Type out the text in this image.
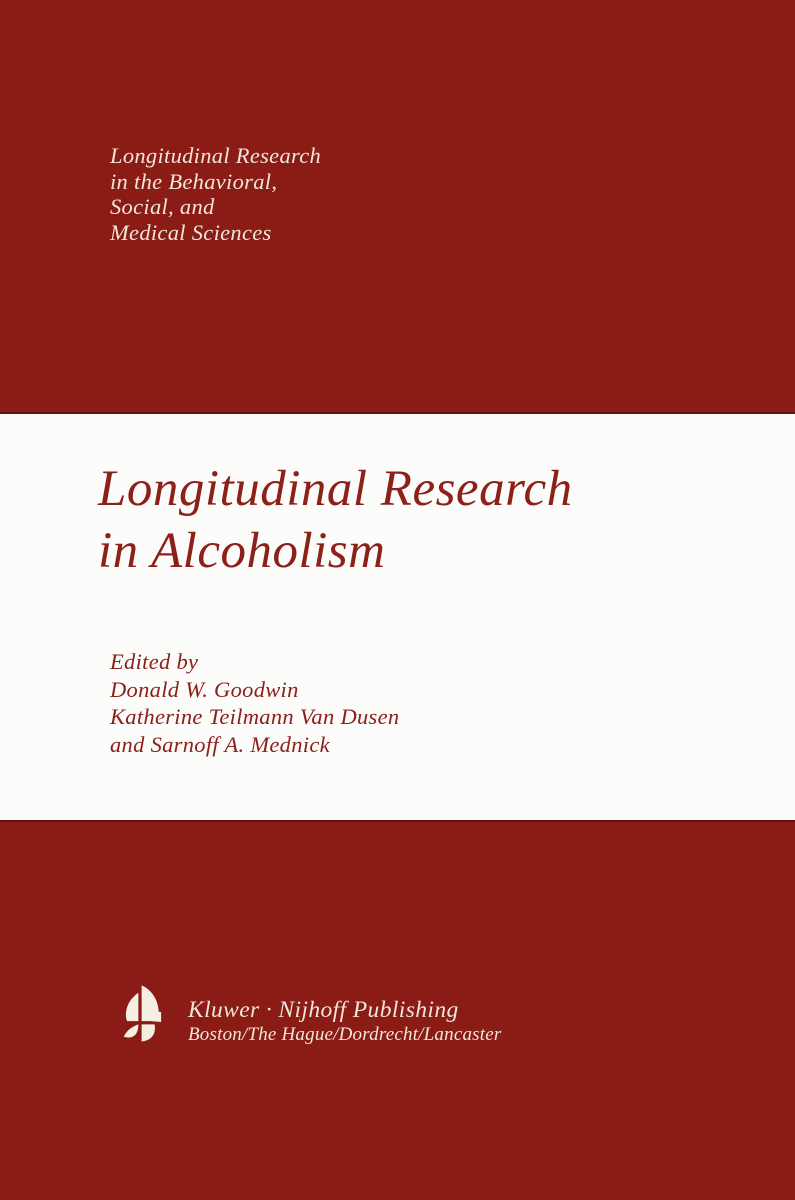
Longitudinal Research
in the Behavioral,
Social, and
Medical Sciences
Longitudinal Research
in Alcoholism
Edited by
Donald W. Goodwin
Katherine Teilmann Van Dusen
and Sarnoff A. Mednick
Kluwer · Nijhoff Publishing
Boston/The Hague/Dordrecht/Lancaster
